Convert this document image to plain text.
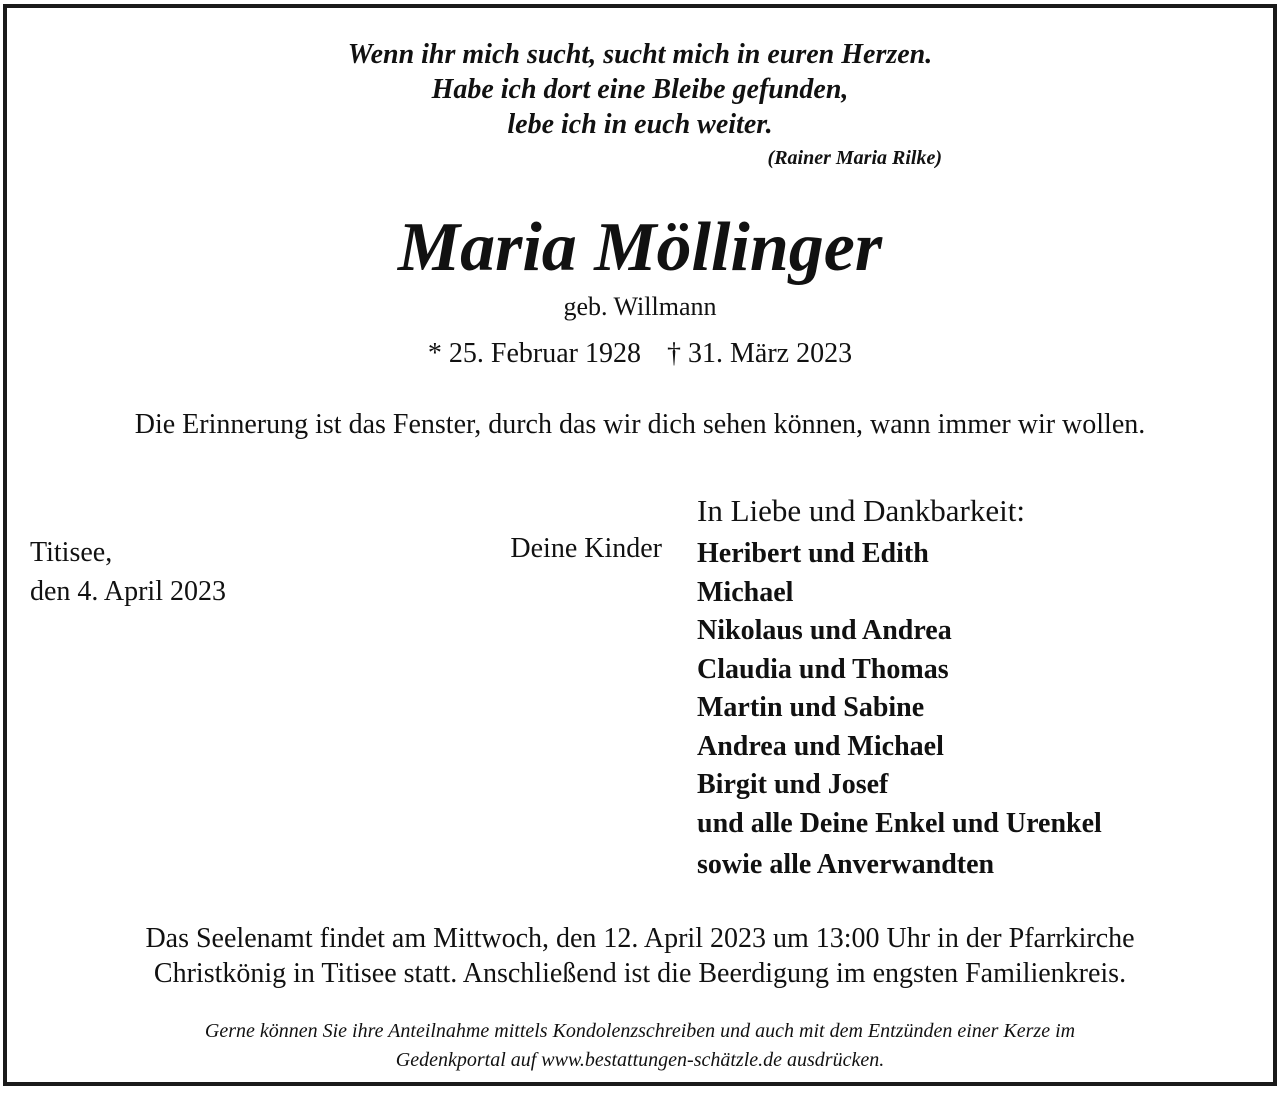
Wenn ihr mich sucht, sucht mich in euren Herzen.
Habe ich dort eine Bleibe gefunden,
lebe ich in euch weiter.
(Rainer Maria Rilke)
Maria Möllinger
geb. Willmann
* 25. Februar 1928 † 31. März 2023
Die Erinnerung ist das Fenster, durch das wir dich sehen können, wann immer wir wollen.
Titisee,
den 4. April 2023
Deine Kinder
In Liebe und Dankbarkeit:
Heribert und Edith
Michael
Nikolaus und Andrea
Claudia und Thomas
Martin und Sabine
Andrea und Michael
Birgit und Josef
und alle Deine Enkel und Urenkel
sowie alle Anverwandten
Das Seelenamt findet am Mittwoch, den 12. April 2023 um 13:00 Uhr in der Pfarrkirche
Christkönig in Titisee statt. Anschließend ist die Beerdigung im engsten Familienkreis.
Gerne können Sie ihre Anteilnahme mittels Kondolenzschreiben und auch mit dem Entzünden einer Kerze im
Gedenkportal auf www.bestattungen-schätzle.de ausdrücken.
